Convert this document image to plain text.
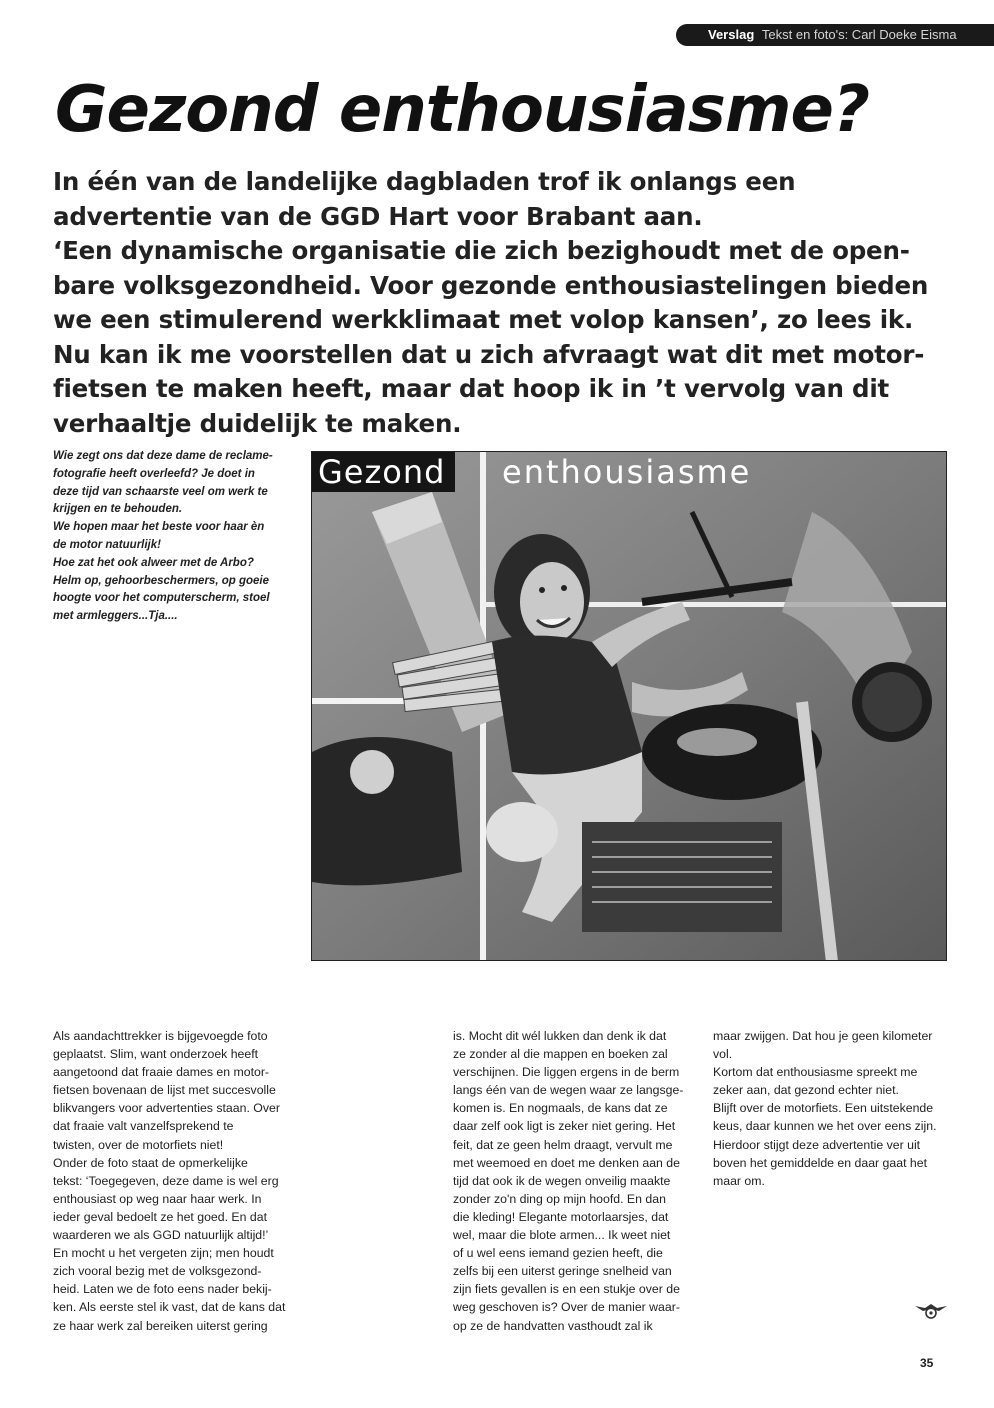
Verslag Tekst en foto's: Carl Doeke Eisma
Gezond enthousiasme?
In één van de landelijke dagbladen trof ik onlangs een
advertentie van de GGD Hart voor Brabant aan.
‘Een dynamische organisatie die zich bezighoudt met de open-
bare volksgezondheid. Voor gezonde enthousiastelingen bieden
we een stimulerend werkklimaat met volop kansen’, zo lees ik.
Nu kan ik me voorstellen dat u zich afvraagt wat dit met motor-
fietsen te maken heeft, maar dat hoop ik in ’t vervolg van dit
verhaaltje duidelijk te maken.
Wie zegt ons dat deze dame de reclame-
fotografie heeft overleefd? Je doet in
deze tijd van schaarste veel om werk te
krijgen en te behouden.
We hopen maar het beste voor haar èn
de motor natuurlijk!
Hoe zat het ook alweer met de Arbo?
Helm op, gehoorbeschermers, op goeie
hoogte voor het computerscherm, stoel
met armleggers...Tja....
Gezond	enthousiasme
Als aandachttrekker is bijgevoegde foto
geplaatst. Slim, want onderzoek heeft
aangetoond dat fraaie dames en motor-
fietsen bovenaan de lijst met succesvolle
blikvangers voor advertenties staan. Over
dat fraaie valt vanzelfsprekend te
twisten, over de motorfiets niet!
Onder de foto staat de opmerkelijke
tekst: ‘Toegegeven, deze dame is wel erg
enthousiast op weg naar haar werk. In
ieder geval bedoelt ze het goed. En dat
waarderen we als GGD natuurlijk altijd!’
En mocht u het vergeten zijn; men houdt
zich vooral bezig met de volksgezond-
heid. Laten we de foto eens nader bekij-
ken. Als eerste stel ik vast, dat de kans dat
ze haar werk zal bereiken uiterst gering
is. Mocht dit wél lukken dan denk ik dat
ze zonder al die mappen en boeken zal
verschijnen. Die liggen ergens in de berm
langs één van de wegen waar ze langsge-
komen is. En nogmaals, de kans dat ze
daar zelf ook ligt is zeker niet gering. Het
feit, dat ze geen helm draagt, vervult me
met weemoed en doet me denken aan de
tijd dat ook ik de wegen onveilig maakte
zonder zo'n ding op mijn hoofd. En dan
die kleding! Elegante motorlaarsjes, dat
wel, maar die blote armen... Ik weet niet
of u wel eens iemand gezien heeft, die
zelfs bij een uiterst geringe snelheid van
zijn fiets gevallen is en een stukje over de
weg geschoven is? Over de manier waar-
op ze de handvatten vasthoudt zal ik
maar zwijgen. Dat hou je geen kilometer
vol.
Kortom dat enthousiasme spreekt me
zeker aan, dat gezond echter niet.
Blijft over de motorfiets. Een uitstekende
keus, daar kunnen we het over eens zijn.
Hierdoor stijgt deze advertentie ver uit
boven het gemiddelde en daar gaat het
maar om.
35
